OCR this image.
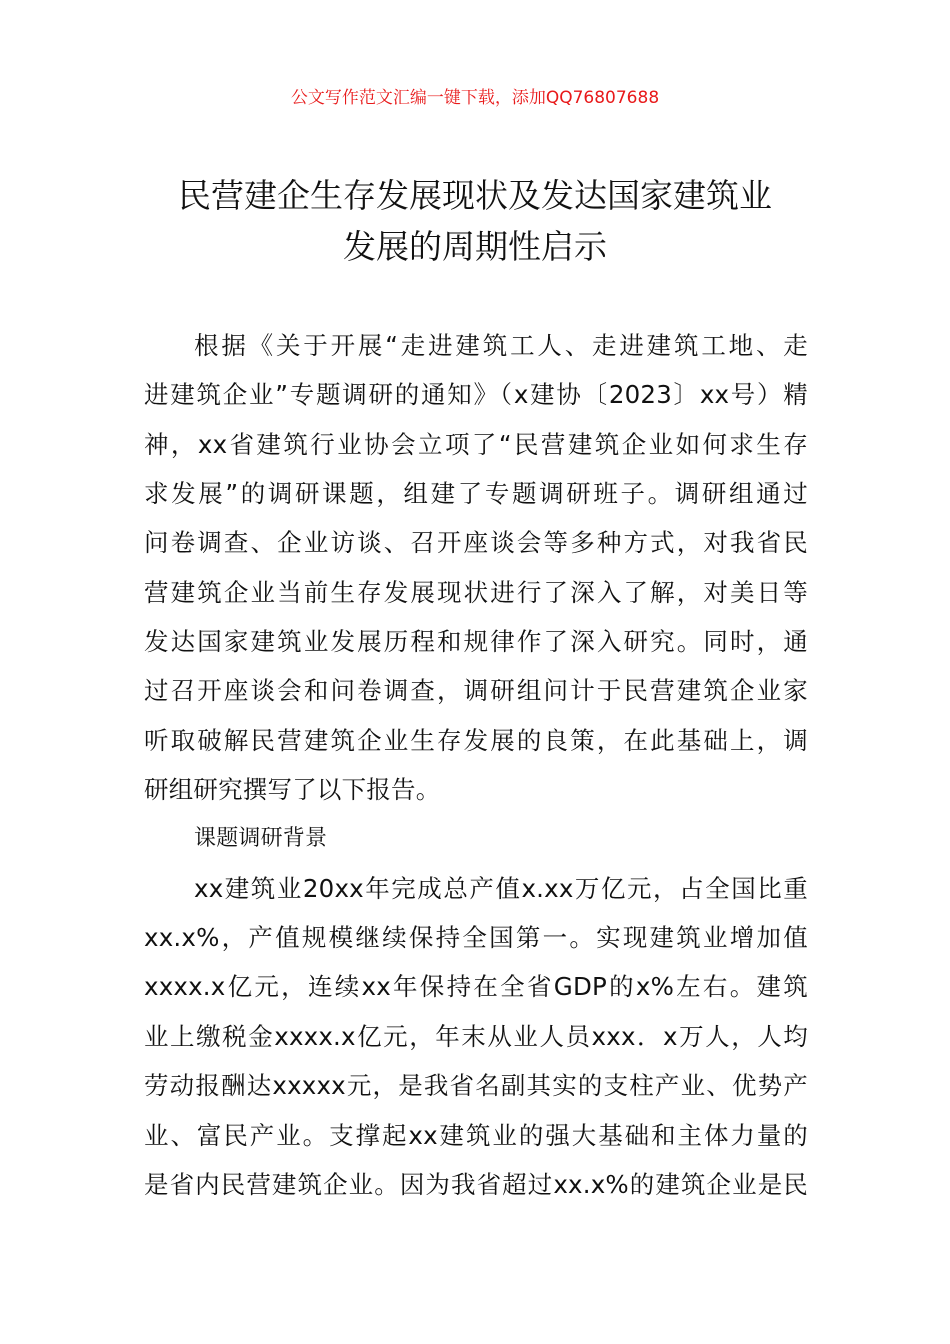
公文写作范文汇编一键下载，添加QQ76807688
民营建企生存发展现状及发达国家建筑业
发展的周期性启示
根据《关于开展“走进建筑工人、走进建筑工地、走
进建筑企业”专题调研的通知》（x建协〔2023〕xx号）精
神，xx省建筑行业协会立项了“民营建筑企业如何求生存
求发展”的调研课题，组建了专题调研班子。调研组通过
问卷调查、企业访谈、召开座谈会等多种方式，对我省民
营建筑企业当前生存发展现状进行了深入了解，对美日等
发达国家建筑业发展历程和规律作了深入研究。同时，通
过召开座谈会和问卷调查，调研组问计于民营建筑企业家
听取破解民营建筑企业生存发展的良策，在此基础上，调
研组研究撰写了以下报告。
课题调研背景
xx建筑业20xx年完成总产值x.xx万亿元，占全国比重
xx.x%，产值规模继续保持全国第一。实现建筑业增加值
xxxx.x亿元，连续xx年保持在全省GDP的x%左右。建筑
业上缴税金xxxx.x亿元，年末从业人员xxx．x万人，人均
劳动报酬达xxxxx元，是我省名副其实的支柱产业、优势产
业、富民产业。支撑起xx建筑业的强大基础和主体力量的
是省内民营建筑企业。因为我省超过xx.x%的建筑企业是民
